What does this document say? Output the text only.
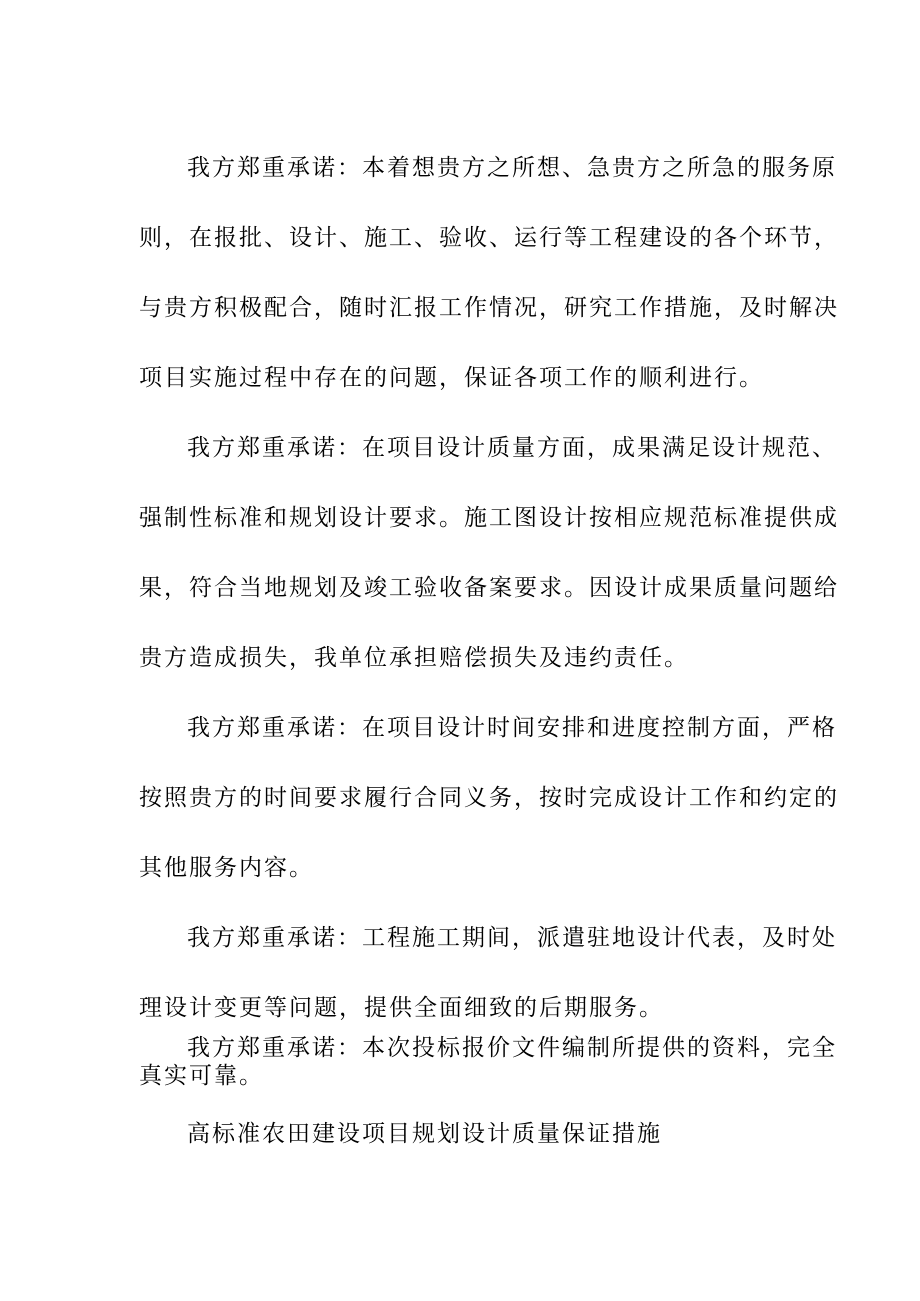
我方郑重承诺：本着想贵方之所想、急贵方之所急的服务原
则，在报批、设计、施工、验收、运行等工程建设的各个环节，
与贵方积极配合，随时汇报工作情况，研究工作措施，及时解决
项目实施过程中存在的问题，保证各项工作的顺利进行。
我方郑重承诺：在项目设计质量方面，成果满足设计规范、
强制性标准和规划设计要求。施工图设计按相应规范标准提供成
果，符合当地规划及竣工验收备案要求。因设计成果质量问题给
贵方造成损失，我单位承担赔偿损失及违约责任。
我方郑重承诺：在项目设计时间安排和进度控制方面，严格
按照贵方的时间要求履行合同义务，按时完成设计工作和约定的
其他服务内容。
我方郑重承诺：工程施工期间，派遣驻地设计代表，及时处
理设计变更等问题，提供全面细致的后期服务。
我方郑重承诺：本次投标报价文件编制所提供的资料，完全
真实可靠。
高标准农田建设项目规划设计质量保证措施
